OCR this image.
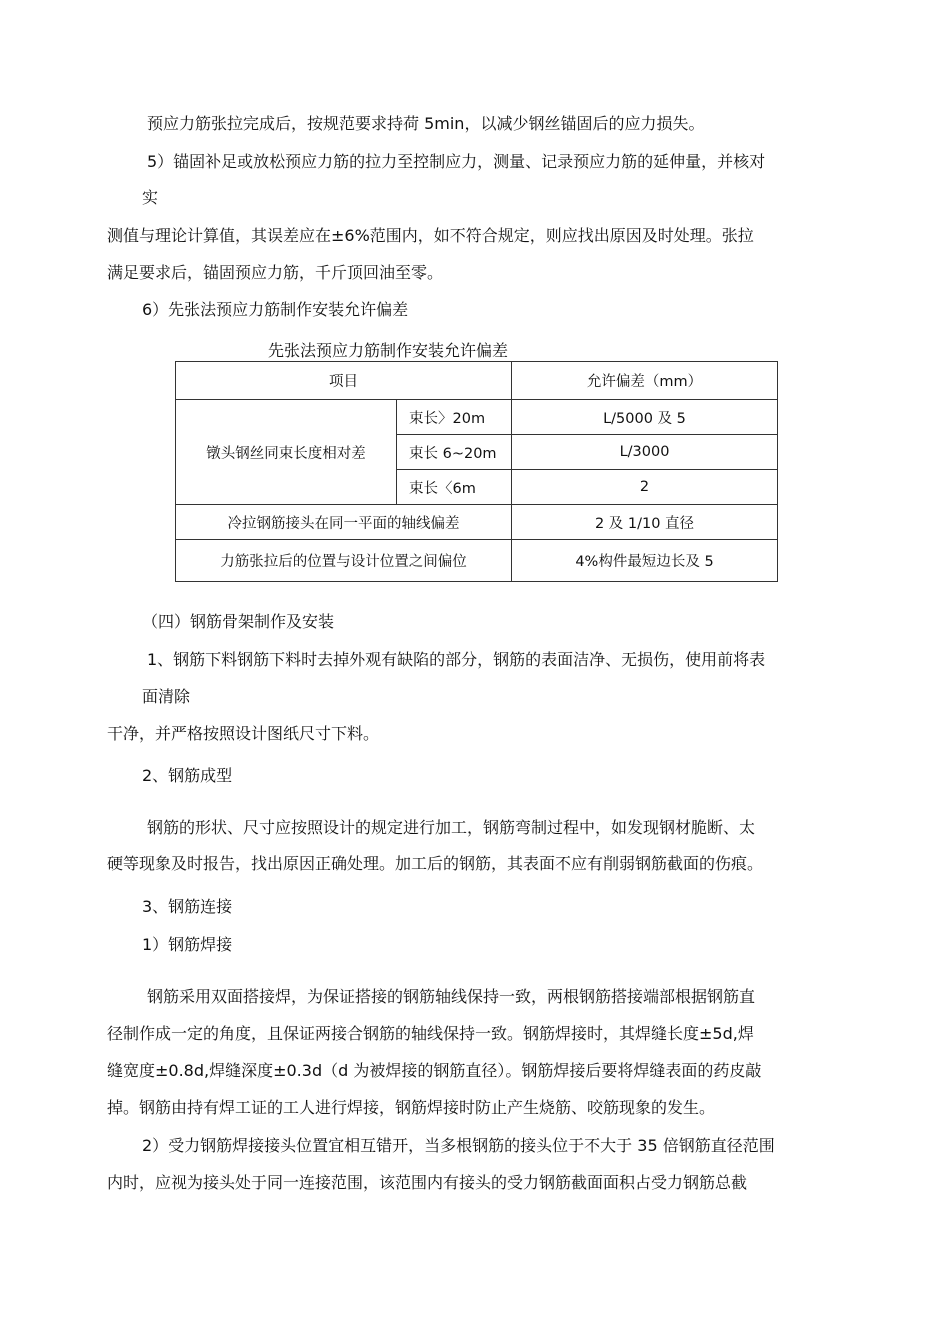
预应力筋张拉完成后，按规范要求持荷 5min，以减少钢丝锚固后的应力损失。
5）锚固补足或放松预应力筋的拉力至控制应力，测量、记录预应力筋的延伸量，并核对
实
测值与理论计算值，其误差应在±6%范围内，如不符合规定，则应找出原因及时处理。张拉
满足要求后，锚固预应力筋，千斤顶回油至零。
6）先张法预应力筋制作安装允许偏差
先张法预应力筋制作安装允许偏差
项目		允许偏差（mm）
镦头钢丝同束长度相对差	束长〉20m	L/5000 及 5
	束长 6~20m	L/3000
	束长〈6m	2
冷拉钢筋接头在同一平面的轴线偏差		2 及 1/10 直径
力筋张拉后的位置与设计位置之间偏位		4%构件最短边长及 5
（四）钢筋骨架制作及安装
1、钢筋下料钢筋下料时去掉外观有缺陷的部分，钢筋的表面洁净、无损伤，使用前将表
面清除
干净，并严格按照设计图纸尺寸下料。
2、钢筋成型
钢筋的形状、尺寸应按照设计的规定进行加工，钢筋弯制过程中，如发现钢材脆断、太
硬等现象及时报告，找出原因正确处理。加工后的钢筋，其表面不应有削弱钢筋截面的伤痕。
3、钢筋连接
1）钢筋焊接
钢筋采用双面搭接焊，为保证搭接的钢筋轴线保持一致，两根钢筋搭接端部根据钢筋直
径制作成一定的角度，且保证两接合钢筋的轴线保持一致。钢筋焊接时，其焊缝长度±5d,焊
缝宽度±0.8d,焊缝深度±0.3d（d 为被焊接的钢筋直径）。钢筋焊接后要将焊缝表面的药皮敲
掉。钢筋由持有焊工证的工人进行焊接，钢筋焊接时防止产生烧筋、咬筋现象的发生。
2）受力钢筋焊接接头位置宜相互错开，当多根钢筋的接头位于不大于 35 倍钢筋直径范围
内时，应视为接头处于同一连接范围，该范围内有接头的受力钢筋截面面积占受力钢筋总截
